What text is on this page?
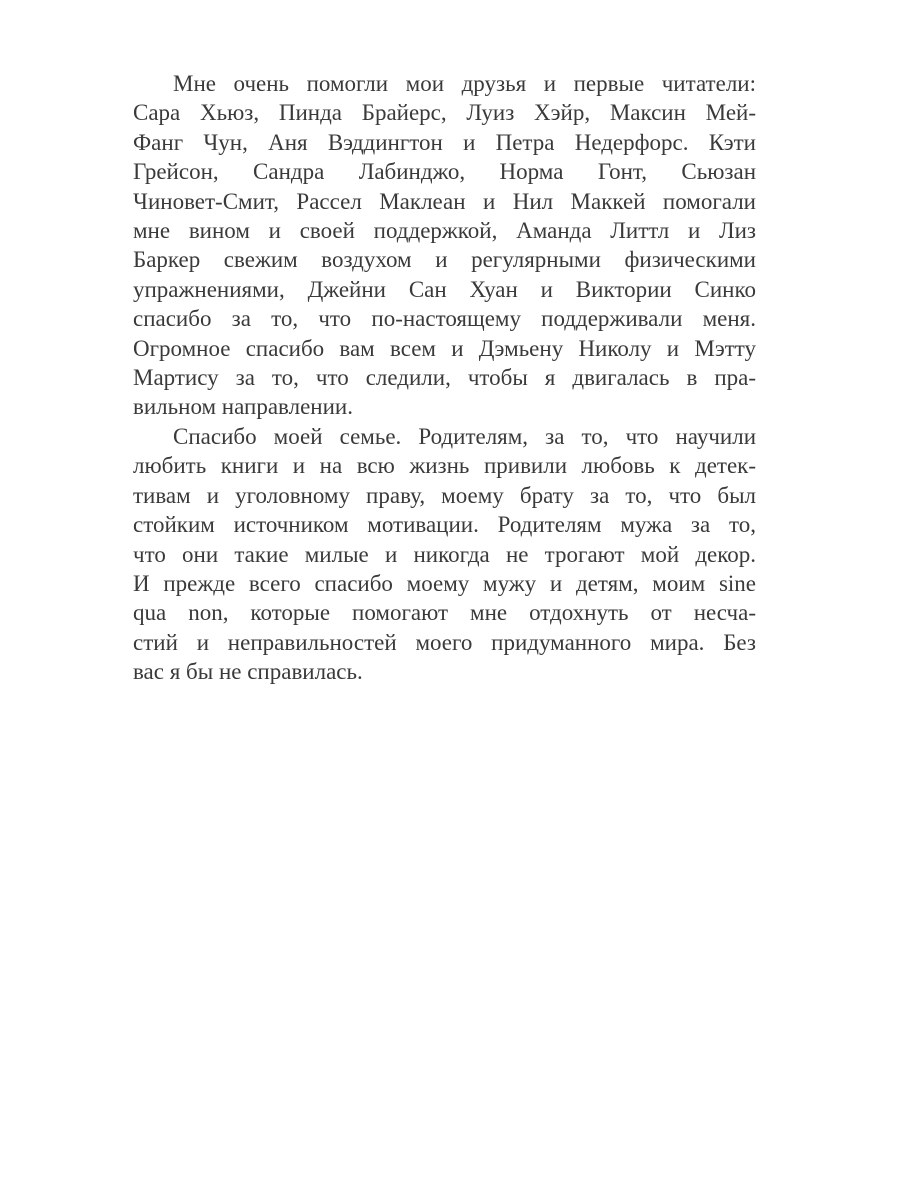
Мне очень помогли мои друзья и первые читатели:
Сара Хьюз, Пинда Брайерс, Луиз Хэйр, Максин Мей-
Фанг Чун, Аня Вэддингтон и Петра Недерфорс. Кэти
Грейсон, Сандра Лабинджо, Норма Гонт, Сьюзан
Чиновет-Смит, Рассел Маклеан и Нил Маккей помогали
мне вином и своей поддержкой, Аманда Литтл и Лиз
Баркер свежим воздухом и регулярными физическими
упражнениями, Джейни Сан Хуан и Виктории Синко
спасибо за то, что по-настоящему поддерживали меня.
Огромное спасибо вам всем и Дэмьену Николу и Мэтту
Мартису за то, что следили, чтобы я двигалась в пра-
вильном направлении.
Спасибо моей семье. Родителям, за то, что научили
любить книги и на всю жизнь привили любовь к детек-
тивам и уголовному праву, моему брату за то, что был
стойким источником мотивации. Родителям мужа за то,
что они такие милые и никогда не трогают мой декор.
И прежде всего спасибо моему мужу и детям, моим sine
qua non, которые помогают мне отдохнуть от несча-
стий и неправильностей моего придуманного мира. Без
вас я бы не справилась.
